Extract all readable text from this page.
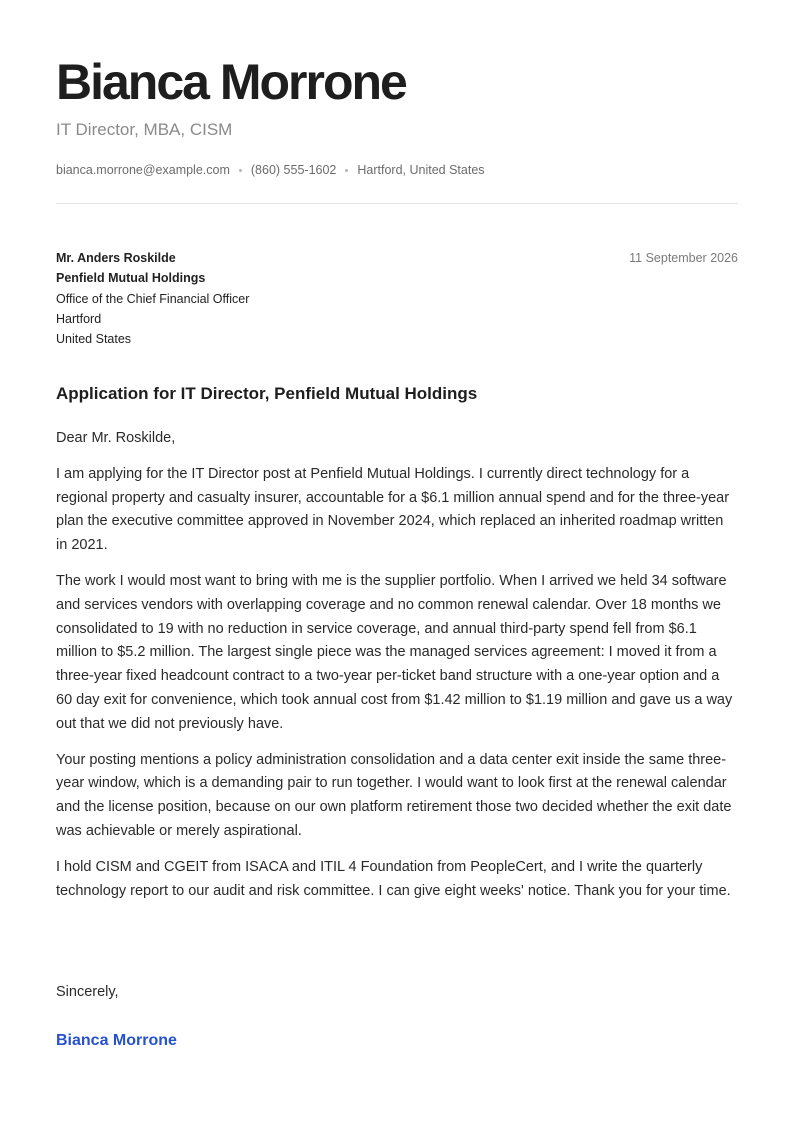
Bianca Morrone
IT Director, MBA, CISM
bianca.morrone@example.com (860) 555-1602 Hartford, United States
Mr. Anders Roskilde
Penfield Mutual Holdings
Office of the Chief Financial Officer
Hartford
United States
11 September 2026
Application for IT Director, Penfield Mutual Holdings

Dear Mr. Roskilde,

I am applying for the IT Director post at Penfield Mutual Holdings. I currently direct technology for a regional property and casualty insurer, accountable for a $6.1 million annual spend and for the three-year plan the executive committee approved in November 2024, which replaced an inherited roadmap written in 2021.

The work I would most want to bring with me is the supplier portfolio. When I arrived we held 34 software and services vendors with overlapping coverage and no common renewal calendar. Over 18 months we consolidated to 19 with no reduction in service coverage, and annual third-party spend fell from $6.1 million to $5.2 million. The largest single piece was the managed services agreement: I moved it from a three-year fixed headcount contract to a two-year per-ticket band structure with a one-year option and a 60 day exit for convenience, which took annual cost from $1.42 million to $1.19 million and gave us a way out that we did not previously have.

Your posting mentions a policy administration consolidation and a data center exit inside the same three-year window, which is a demanding pair to run together. I would want to look first at the renewal calendar and the license position, because on our own platform retirement those two decided whether the exit date was achievable or merely aspirational.

I hold CISM and CGEIT from ISACA and ITIL 4 Foundation from PeopleCert, and I write the quarterly technology report to our audit and risk committee. I can give eight weeks' notice. Thank you for your time.

Sincerely,
Bianca Morrone
